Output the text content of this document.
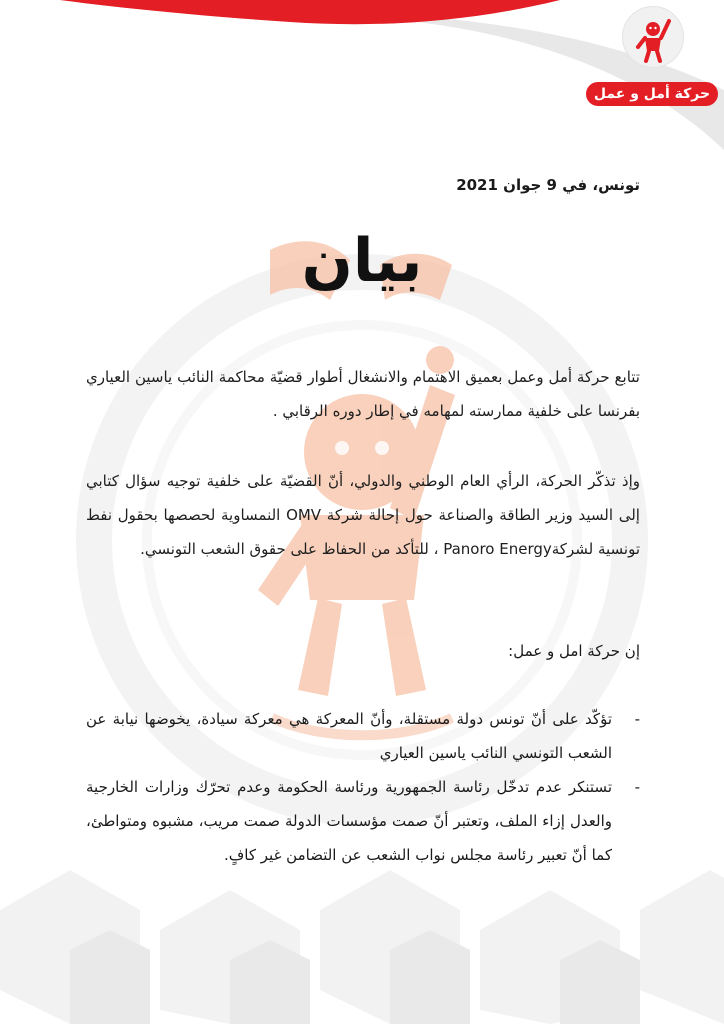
حركة أمل و عمل
تونس، في 9 جوان 2021
بيان
تتابع حركة أمل وعمل بعميق الاهتمام والانشغال أطوار قضيّة محاكمة النائب ياسين العياري بفرنسا على خلفية ممارسته لمهامه في إطار دوره الرقابي .
وإذ تذكّر الحركة، الرأي العام الوطني والدولي، أنّ القضيّة على خلفية توجيه سؤال كتابي إلى السيد وزير الطاقة والصناعة حول إحالة شركة OMV النمساوية لحصصها بحقول نفط تونسية لشركةPanoro Energy ، للتأكد من الحفاظ على حقوق الشعب التونسي.
إن حركة امل و عمل:
-
تؤكّد على أنّ تونس دولة مستقلة، وأنّ المعركة هي معركة سيادة، يخوضها نيابة عن الشعب التونسي النائب ياسين العياري
-
تستنكر عدم تدخّل رئاسة الجمهورية ورئاسة الحكومة وعدم تحرّك وزارات الخارجية والعدل إزاء الملف، وتعتبر أنّ صمت مؤسسات الدولة صمت مريب، مشبوه ومتواطئ، كما أنّ تعبير رئاسة مجلس نواب الشعب عن التضامن غير كافٍ.
